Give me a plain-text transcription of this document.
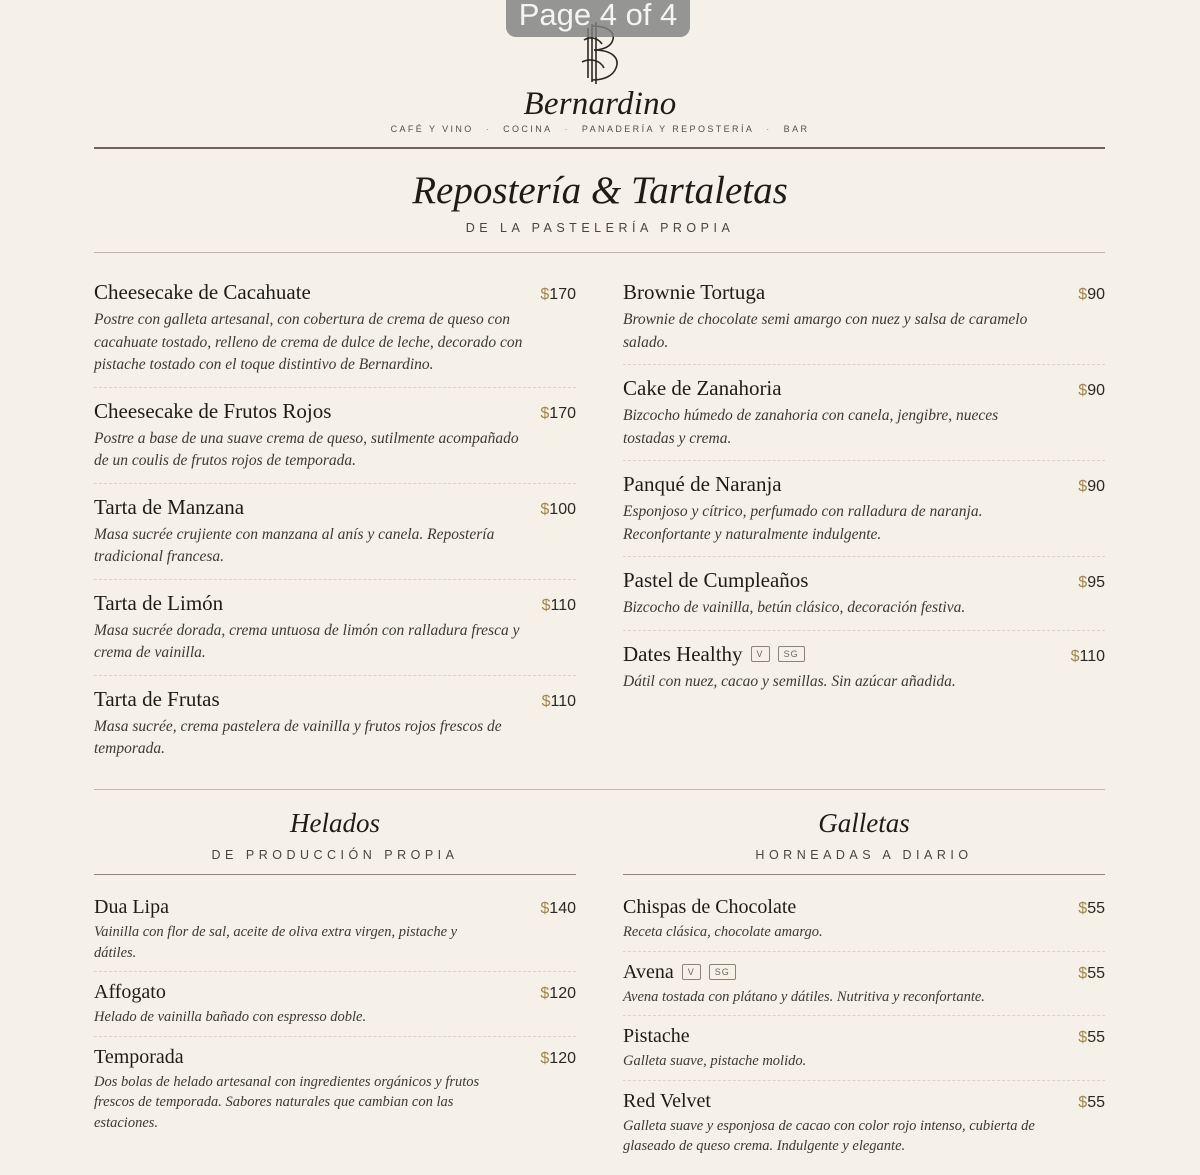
Page 4 of 4
Bernardino
CAFÉ Y VINO · COCINA · PANADERÍA Y REPOSTERÍA · BAR
Repostería & Tartaletas
DE LA PASTELERÍA PROPIA
Cheesecake de Cacahuate	$170
Postre con galleta artesanal, con cobertura de crema de queso con cacahuate tostado, relleno de crema de dulce de leche, decorado con pistache tostado con el toque distintivo de Bernardino.
Cheesecake de Frutos Rojos	$170
Postre a base de una suave crema de queso, sutilmente acompañado de un coulis de frutos rojos de temporada.
Tarta de Manzana	$100
Masa sucrée crujiente con manzana al anís y canela. Repostería tradicional francesa.
Tarta de Limón	$110
Masa sucrée dorada, crema untuosa de limón con ralladura fresca y crema de vainilla.
Tarta de Frutas	$110
Masa sucrée, crema pastelera de vainilla y frutos rojos frescos de temporada.
Brownie Tortuga	$90
Brownie de chocolate semi amargo con nuez y salsa de caramelo salado.
Cake de Zanahoria	$90
Bizcocho húmedo de zanahoria con canela, jengibre, nueces tostadas y crema.
Panqué de Naranja	$90
Esponjoso y cítrico, perfumado con ralladura de naranja. Reconfortante y naturalmente indulgente.
Pastel de Cumpleaños	$95
Bizcocho de vainilla, betún clásico, decoración festiva.
Dates Healthy	V	SG	$110
Dátil con nuez, cacao y semillas. Sin azúcar añadida.
Helados
DE PRODUCCIÓN PROPIA
Galletas
HORNEADAS A DIARIO
Dua Lipa	$140
Vainilla con flor de sal, aceite de oliva extra virgen, pistache y dátiles.
Affogato	$120
Helado de vainilla bañado con espresso doble.
Temporada	$120
Dos bolas de helado artesanal con ingredientes orgánicos y frutos frescos de temporada. Sabores naturales que cambian con las estaciones.
Chispas de Chocolate	$55
Receta clásica, chocolate amargo.
Avena	V	SG	$55
Avena tostada con plátano y dátiles. Nutritiva y reconfortante.
Pistache	$55
Galleta suave, pistache molido.
Red Velvet	$55
Galleta suave y esponjosa de cacao con color rojo intenso, cubierta de glaseado de queso crema. Indulgente y elegante.
